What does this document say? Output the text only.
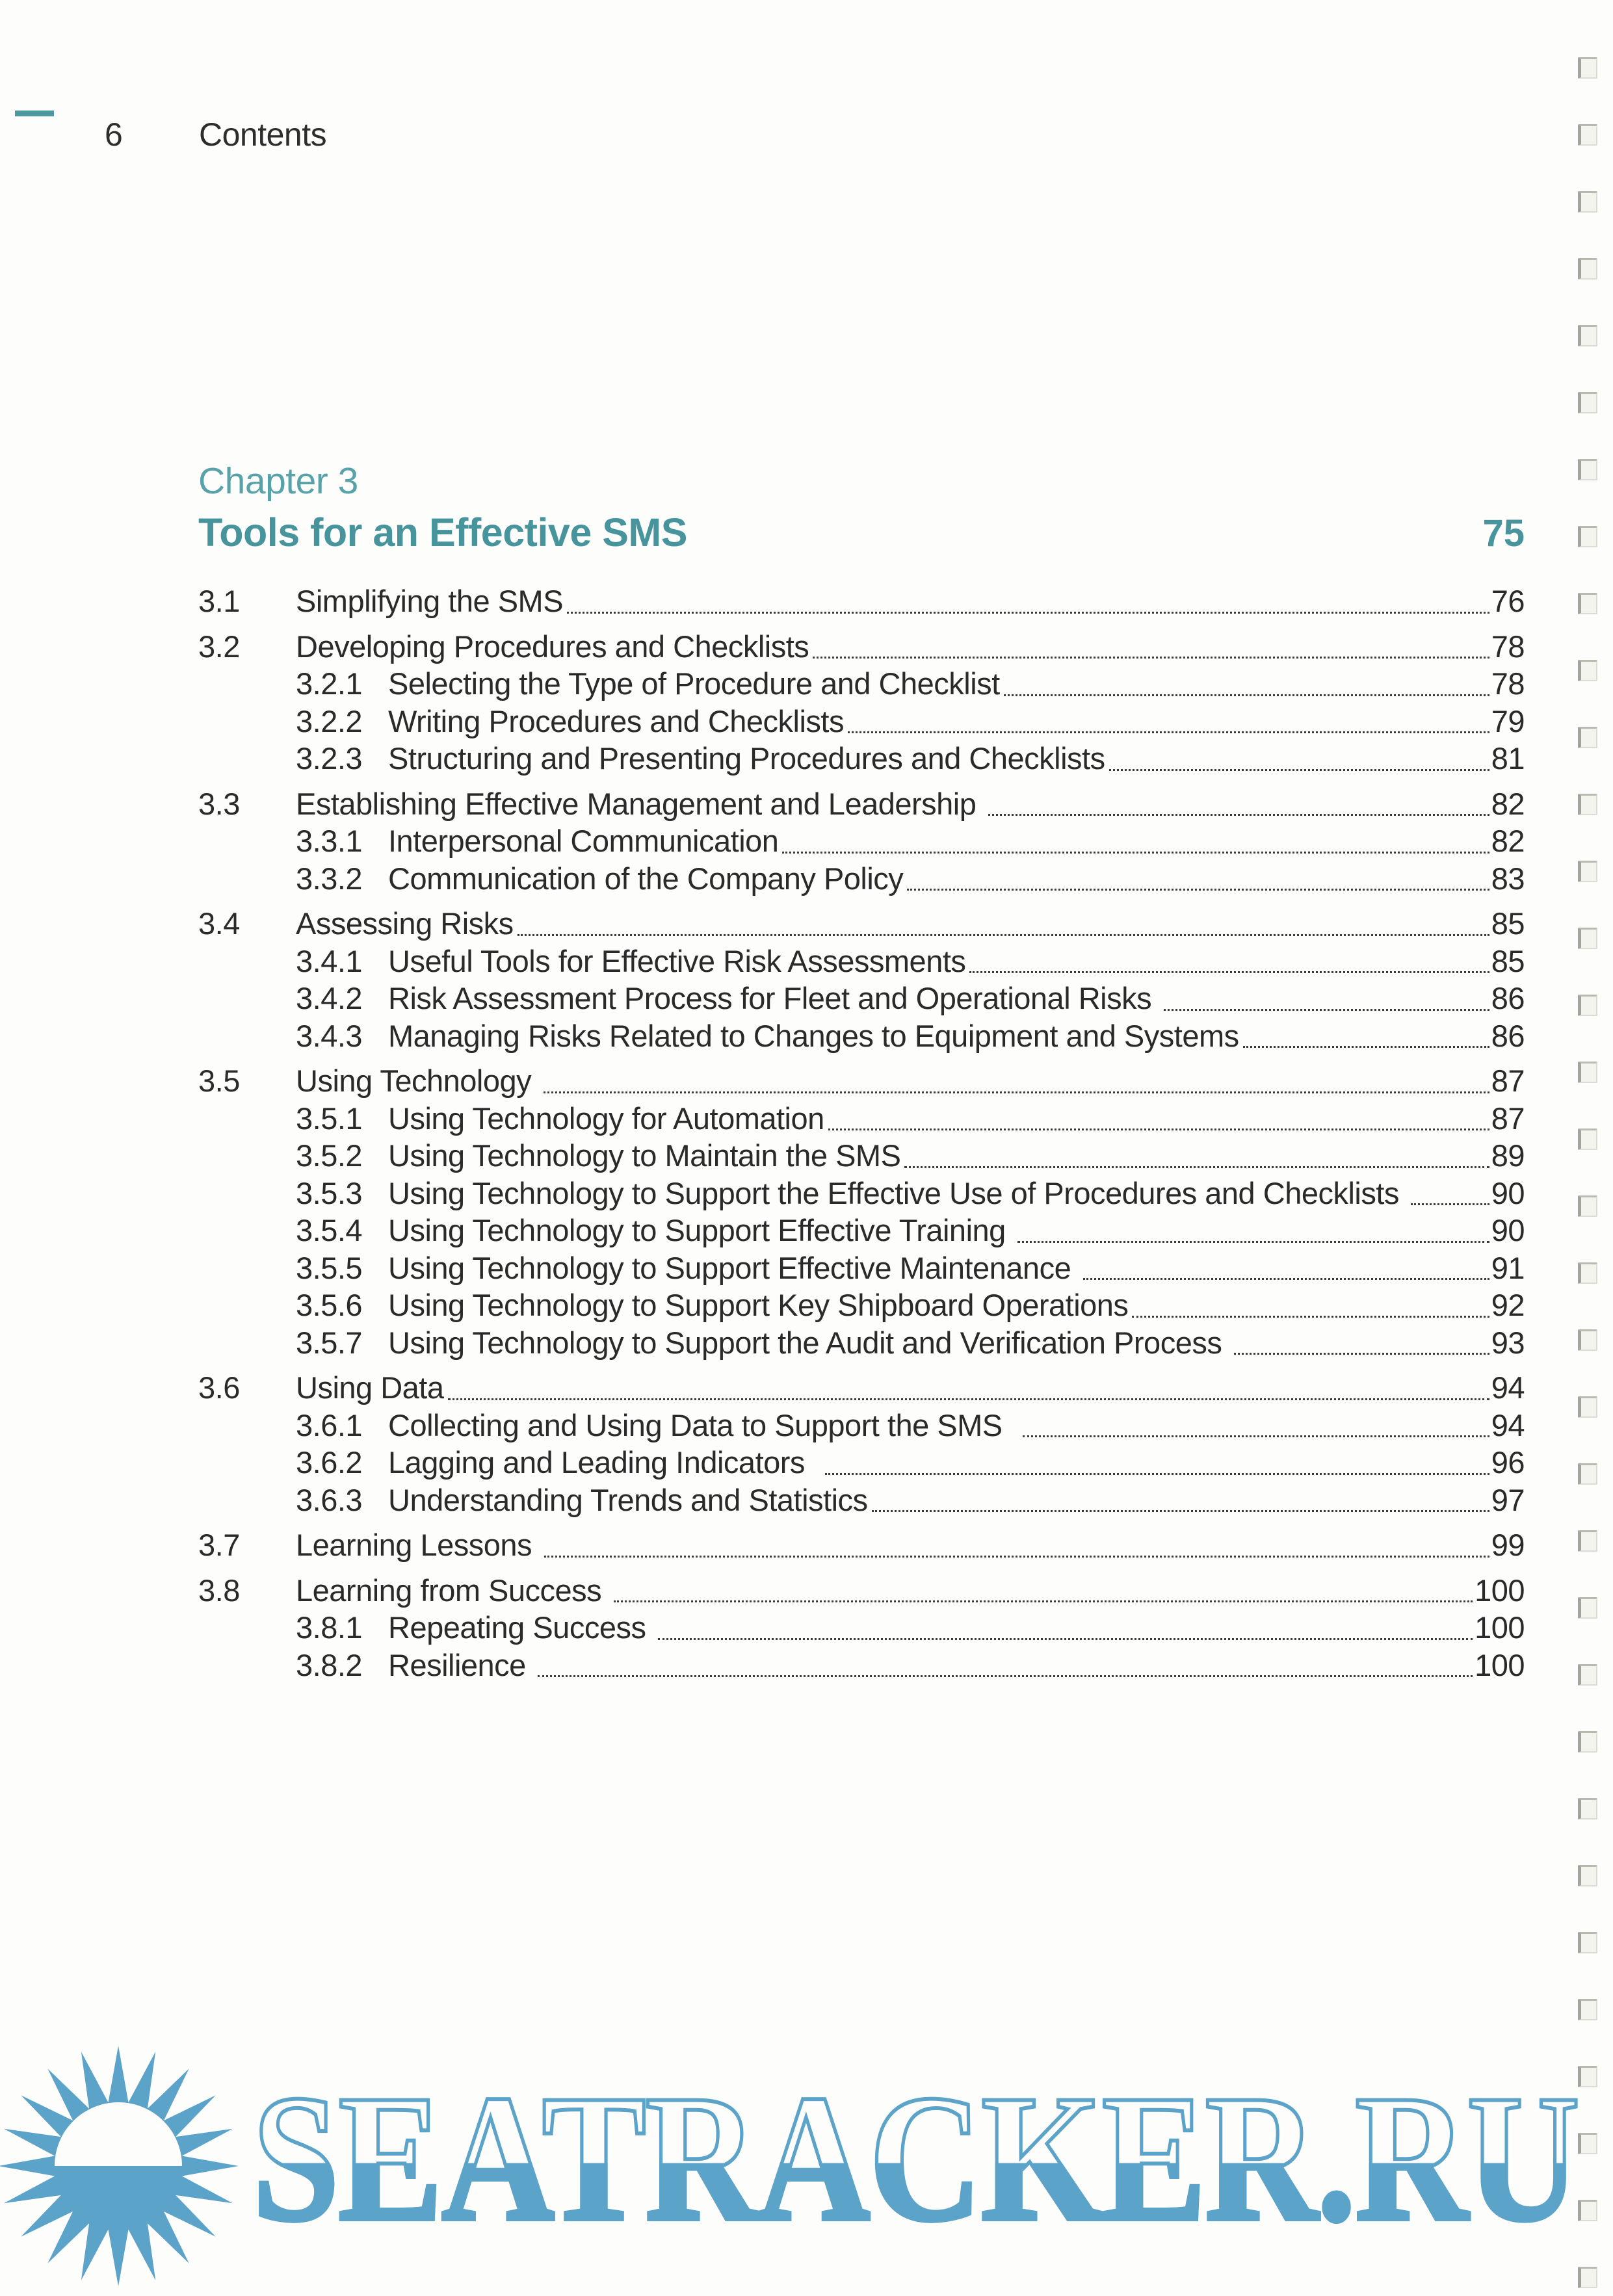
6 Contents
Chapter 3
Tools for an Effective SMS	75
3.1	Simplifying the SMS	76
3.2	Developing Procedures and Checklists	78
3.2.1 Selecting the Type of Procedure and Checklist	78
3.2.2 Writing Procedures and Checklists	79
3.2.3 Structuring and Presenting Procedures and Checklists	81
3.3	Establishing Effective Management and Leadership	82
3.3.1 Interpersonal Communication	82
3.3.2 Communication of the Company Policy	83
3.4	Assessing Risks	85
3.4.1 Useful Tools for Effective Risk Assessments	85
3.4.2 Risk Assessment Process for Fleet and Operational Risks	86
3.4.3 Managing Risks Related to Changes to Equipment and Systems	86
3.5	Using Technology	87
3.5.1 Using Technology for Automation	87
3.5.2 Using Technology to Maintain the SMS	89
3.5.3 Using Technology to Support the Effective Use of Procedures and Checklists	90
3.5.4 Using Technology to Support Effective Training	90
3.5.5 Using Technology to Support Effective Maintenance	91
3.5.6 Using Technology to Support Key Shipboard Operations	92
3.5.7 Using Technology to Support the Audit and Verification Process	93
3.6	Using Data	94
3.6.1 Collecting and Using Data to Support the SMS	94
3.6.2 Lagging and Leading Indicators	96
3.6.3 Understanding Trends and Statistics	97
3.7	Learning Lessons	99
3.8	Learning from Success	100
3.8.1 Repeating Success	100
3.8.2 Resilience	100
SEATRACKER.RU
